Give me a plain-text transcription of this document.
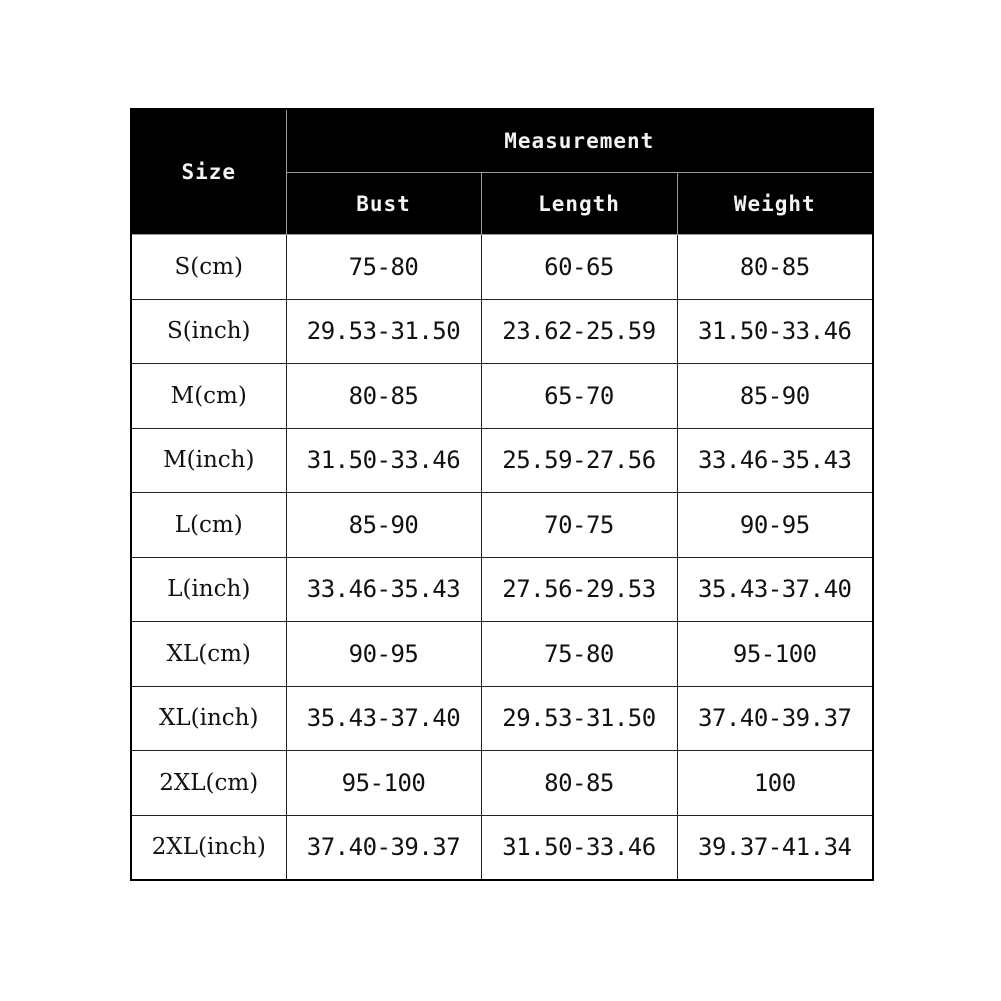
Size	Measurement		
	Bust	Length	Weight
S(cm)	75-80	60-65	80-85
S(inch)	29.53-31.50	23.62-25.59	31.50-33.46
M(cm)	80-85	65-70	85-90
M(inch)	31.50-33.46	25.59-27.56	33.46-35.43
L(cm)	85-90	70-75	90-95
L(inch)	33.46-35.43	27.56-29.53	35.43-37.40
XL(cm)	90-95	75-80	95-100
XL(inch)	35.43-37.40	29.53-31.50	37.40-39.37
2XL(cm)	95-100	80-85	100
2XL(inch)	37.40-39.37	31.50-33.46	39.37-41.34
